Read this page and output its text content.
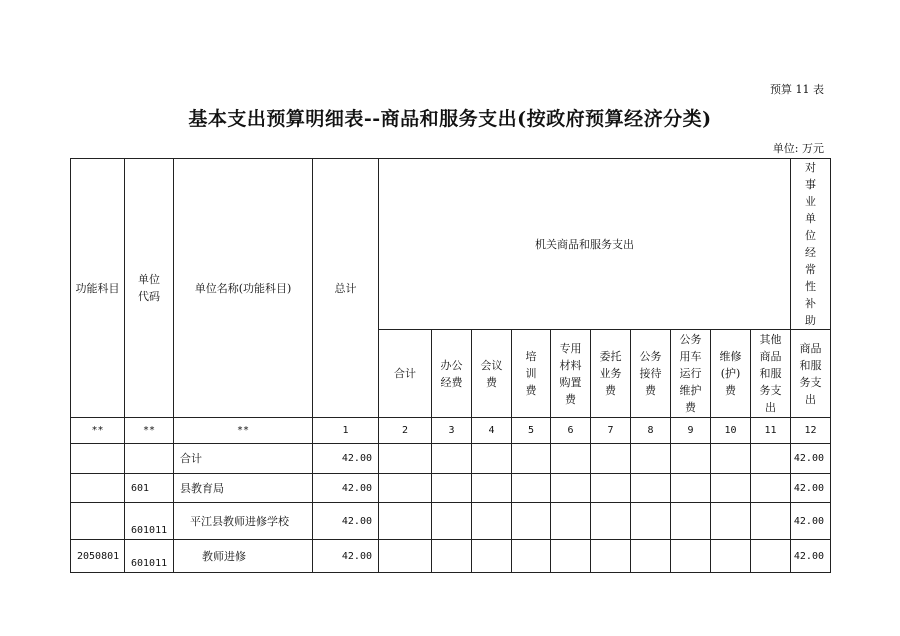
预算 11 表
基本支出预算明细表--商品和服务支出(按政府预算经济分类)
单位: 万元
功能科目	单位代码	单位名称(功能科目)	总计	机关商品和服务支出										对事业单位经常性补助
				合计	办公经费	会议费	培训费	专用材料购置费	委托业务费	公务接待费	公务用车运行维护费	维修(护)费	其他商品和服务支出	商品和服务支出
**	**	**	1	2	3	4	5	6	7	8	9	10	11	12
		合计	42.00											42.00
	601	县教育局	42.00											42.00
	601011	平江县教师进修学校	42.00											42.00
2050801	601011	教师进修	42.00											42.00
